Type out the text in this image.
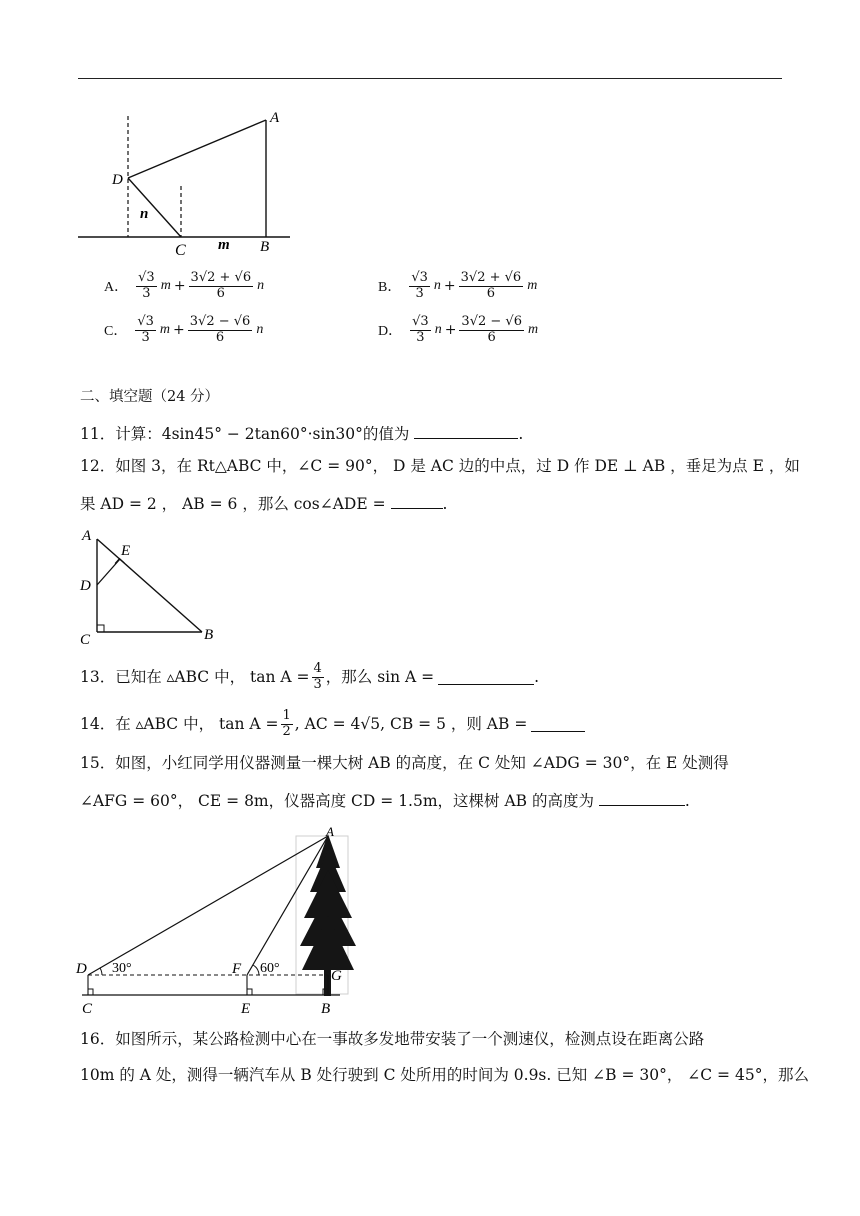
A
D
n
C m B
A． $\frac{√3}{3}$ $m + \frac{3√2 + √6}{6}$ n	B． $\frac{√3}{3}$ $n + \frac{3√2 + √6}{6}$ m
C． $\frac{√3}{3}$ $m + \frac{3√2 - √6}{6}$ n	D． $\frac{√3}{3}$ $n + \frac{3√2 - √6}{6}$ m
二、填空题（24 分）
11．计算：4sin45° − 2tan60°·sin30°的值为	.
12．如图 3，在 Rt△ABC 中，∠C = 90°， D 是 AC 边的中点，过 D 作 DE ⊥ AB ，垂足为点 E ，如
果 AD = 2 ， AB = 6 ，那么 cos∠ADE =	.
A
E
D
C	B
13．已知在 ▵ABC 中， $\tan A = \frac{4}{3}$ ，那么 sin A =	.
14．在 ▵ABC 中， $\tan A = \frac{1}{2}$ , AC = 4√5, CB = 5 ，则 AB =
15．如图，小红同学用仪器测量一棵大树 AB 的高度，在 C 处知 ∠ADG = 30°，在 E 处测得
∠AFG = 60°， CE = 8m，仪器高度 CD = 1.5m，这棵树 AB 的高度为	.
A
D 30°	F 60°	G
C	E	B
16．如图所示，某公路检测中心在一事故多发地带安装了一个测速仪，检测点设在距离公路
10m 的 A 处，测得一辆汽车从 B 处行驶到 C 处所用的时间为 0.9s. 已知 ∠B = 30°， ∠C = 45°，那么
